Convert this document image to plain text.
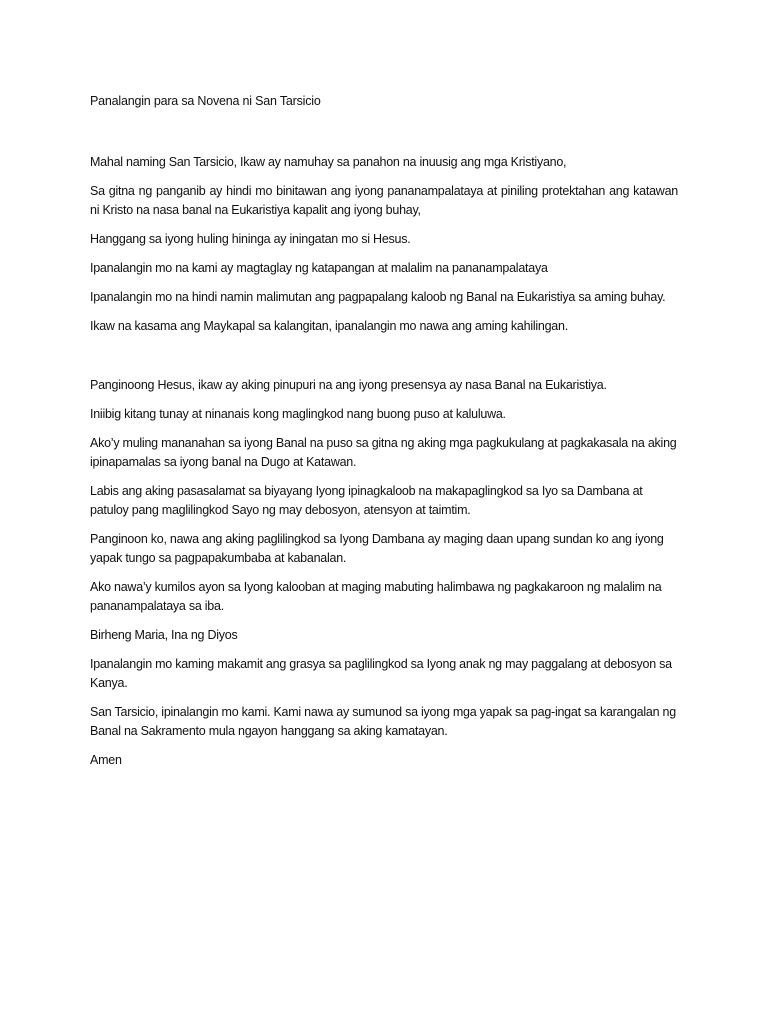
Panalangin para sa Novena ni San Tarsicio

Mahal naming San Tarsicio, Ikaw ay namuhay sa panahon na inuusig ang mga Kristiyano,

Sa gitna ng panganib ay hindi mo binitawan ang iyong pananampalataya at piniling protektahan ang katawan ni Kristo na nasa banal na Eukaristiya kapalit ang iyong buhay,

Hanggang sa iyong huling hininga ay iningatan mo si Hesus.

Ipanalangin mo na kami ay magtaglay ng katapangan at malalim na pananampalataya

Ipanalangin mo na hindi namin malimutan ang pagpapalang kaloob ng Banal na Eukaristiya sa aming buhay.

Ikaw na kasama ang Maykapal sa kalangitan, ipanalangin mo nawa ang aming kahilingan.

Panginoong Hesus, ikaw ay aking pinupuri na ang iyong presensya ay nasa Banal na Eukaristiya.

Iniibig kitang tunay at ninanais kong maglingkod nang buong puso at kaluluwa.

Ako’y muling mananahan sa iyong Banal na puso sa gitna ng aking mga pagkukulang at pagkakasala na aking ipinapamalas sa iyong banal na Dugo at Katawan.

Labis ang aking pasasalamat sa biyayang Iyong ipinagkaloob na makapaglingkod sa Iyo sa Dambana at patuloy pang maglilingkod Sayo ng may debosyon, atensyon at taimtim.

Panginoon ko, nawa ang aking paglilingkod sa Iyong Dambana ay maging daan upang sundan ko ang iyong yapak tungo sa pagpapakumbaba at kabanalan.

Ako nawa’y kumilos ayon sa Iyong kalooban at maging mabuting halimbawa ng pagkakaroon ng malalim na pananampalataya sa iba.

Birheng Maria, Ina ng Diyos

Ipanalangin mo kaming makamit ang grasya sa paglilingkod sa Iyong anak ng may paggalang at debosyon sa Kanya.

San Tarsicio, ipinalangin mo kami. Kami nawa ay sumunod sa iyong mga yapak sa pag-ingat sa karangalan ng Banal na Sakramento mula ngayon hanggang sa aking kamatayan.

Amen
